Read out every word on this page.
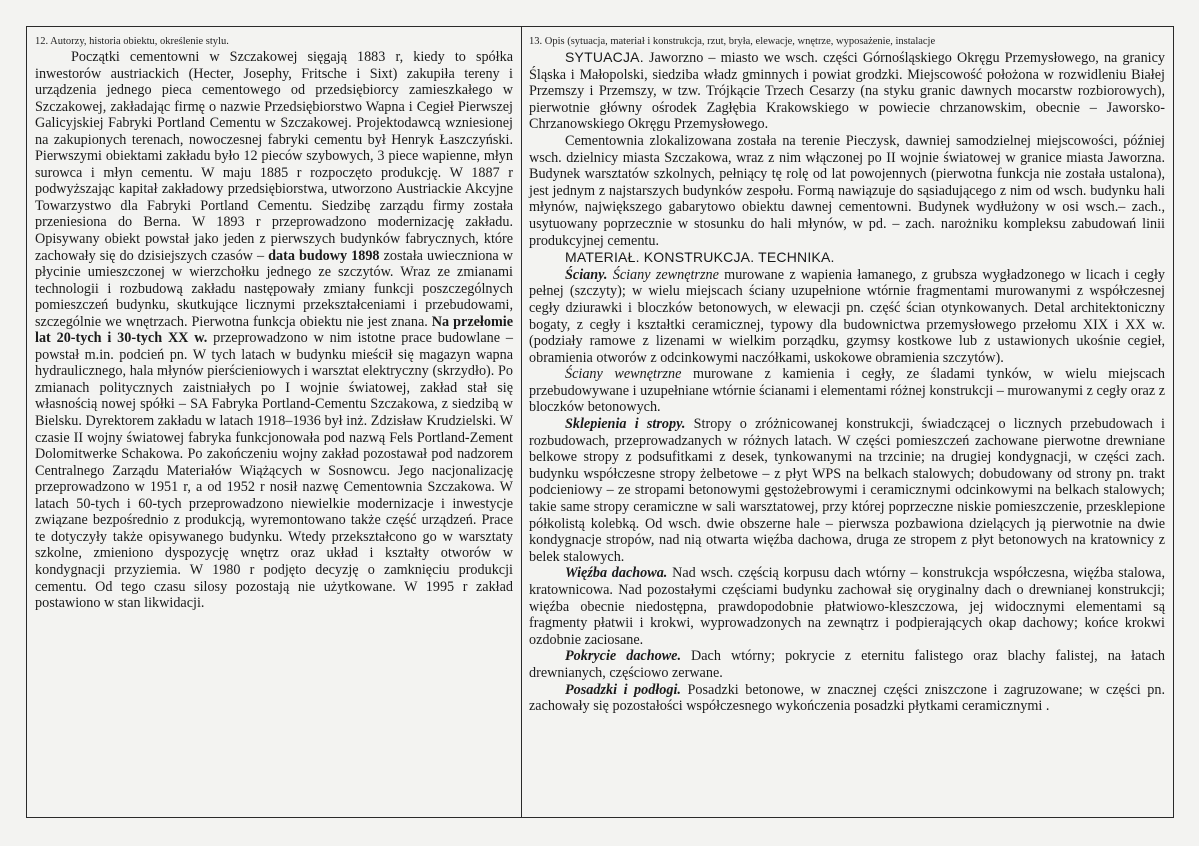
12. Autorzy, historia obiektu, określenie stylu.

Początki cementowni w Szczakowej sięgają 1883 r, kiedy to spółka inwestorów austriackich (Hecter, Josephy, Fritsche i Sixt) zakupiła tereny i urządzenia jednego pieca cementowego od przedsiębiorcy zamieszkałego w Szczakowej, zakładając firmę o nazwie Przedsiębiorstwo Wapna i Cegieł Pierwszej Galicyjskiej Fabryki Portland Cementu w Szczakowej. Projektodawcą wzniesionej na zakupionych terenach, nowoczesnej fabryki cementu był Henryk Łaszczyński. Pierwszymi obiektami zakładu było 12 pieców szybowych, 3 piece wapienne, młyn surowca i młyn cementu. W maju 1885 r rozpoczęto produkcję. W 1887 r podwyższając kapitał zakładowy przedsiębiorstwa, utworzono Austriackie Akcyjne Towarzystwo dla Fabryki Portland Cementu. Siedzibę zarządu firmy została przeniesiona do Berna. W 1893 r przeprowadzono modernizację zakładu. Opisywany obiekt powstał jako jeden z pierwszych budynków fabrycznych, które zachowały się do dzisiejszych czasów – data budowy 1898 została uwieczniona w płycinie umieszczonej w wierzchołku jednego ze szczytów. Wraz ze zmianami technologii i rozbudową zakładu następowały zmiany funkcji poszczególnych pomieszczeń budynku, skutkujące licznymi przekształceniami i przebudowami, szczególnie we wnętrzach. Pierwotna funkcja obiektu nie jest znana. Na przełomie lat 20-tych i 30-tych XX w. przeprowadzono w nim istotne prace budowlane – powstał m.in. podcień pn. W tych latach w budynku mieścił się magazyn wapna hydraulicznego, hala młynów pierścieniowych i warsztat elektryczny (skrzydło). Po zmianach politycznych zaistniałych po I wojnie światowej, zakład stał się własnością nowej spółki – SA Fabryka Portland-Cementu Szczakowa, z siedzibą w Bielsku. Dyrektorem zakładu w latach 1918–1936 był inż. Zdzisław Krudzielski. W czasie II wojny światowej fabryka funkcjonowała pod nazwą Fels Portland-Zement Dolomitwerke Schakowa. Po zakończeniu wojny zakład pozostawał pod nadzorem Centralnego Zarządu Materiałów Wiążących w Sosnowcu. Jego nacjonalizację przeprowadzono w 1951 r, a od 1952 r nosił nazwę Cementownia Szczakowa. W latach 50-tych i 60-tych przeprowadzono niewielkie modernizacje i inwestycje związane bezpośrednio z produkcją, wyremontowano także część urządzeń. Prace te dotyczyły także opisywanego budynku. Wtedy przekształcono go w warsztaty szkolne, zmieniono dyspozycję wnętrz oraz układ i kształty otworów w kondygnacji przyziemia. W 1980 r podjęto decyzję o zamknięciu produkcji cementu. Od tego czasu silosy pozostają nie użytkowane. W 1995 r zakład postawiono w stan likwidacji.

13. Opis (sytuacja, materiał i konstrukcja, rzut, bryła, elewacje, wnętrze, wyposażenie, instalacje

SYTUACJA. Jaworzno – miasto we wsch. części Górnośląskiego Okręgu Przemysłowego, na granicy Śląska i Małopolski, siedziba władz gminnych i powiat grodzki. Miejscowość położona w rozwidleniu Białej Przemszy i Przemszy, w tzw. Trójkącie Trzech Cesarzy (na styku granic dawnych mocarstw rozbiorowych), pierwotnie główny ośrodek Zagłębia Krakowskiego w powiecie chrzanowskim, obecnie – Jaworsko-Chrzanowskiego Okręgu Przemysłowego.

Cementownia zlokalizowana została na terenie Pieczysk, dawniej samodzielnej miejscowości, później wsch. dzielnicy miasta Szczakowa, wraz z nim włączonej po II wojnie światowej w granice miasta Jaworzna. Budynek warsztatów szkolnych, pełniący tę rolę od lat powojennych (pierwotna funkcja nie została ustalona), jest jednym z najstarszych budynków zespołu. Formą nawiązuje do sąsiadującego z nim od wsch. budynku hali młynów, największego gabarytowo obiektu dawnej cementowni. Budynek wydłużony w osi wsch.– zach., usytuowany poprzecznie w stosunku do hali młynów, w pd. – zach. narożniku kompleksu zabudowań linii produkcyjnej cementu.

MATERIAŁ. KONSTRUKCJA. TECHNIKA.

Ściany. Ściany zewnętrzne murowane z wapienia łamanego, z grubsza wygładzonego w licach i cegły pełnej (szczyty); w wielu miejscach ściany uzupełnione wtórnie fragmentami murowanymi z współczesnej cegły dziurawki i bloczków betonowych, w elewacji pn. część ścian otynkowanych. Detal architektoniczny bogaty, z cegły i kształtki ceramicznej, typowy dla budownictwa przemysłowego przełomu XIX i XX w. (podziały ramowe z lizenami w wielkim porządku, gzymsy kostkowe lub z ustawionych ukośnie cegieł, obramienia otworów z odcinkowymi naczółkami, uskokowe obramienia szczytów).

Ściany wewnętrzne murowane z kamienia i cegły, ze śladami tynków, w wielu miejscach przebudowywane i uzupełniane wtórnie ścianami i elementami różnej konstrukcji – murowanymi z cegły oraz z bloczków betonowych.

Sklepienia i stropy. Stropy o zróżnicowanej konstrukcji, świadczącej o licznych przebudowach i rozbudowach, przeprowadzanych w różnych latach. W części pomieszczeń zachowane pierwotne drewniane belkowe stropy z podsufitkami z desek, tynkowanymi na trzcinie; na drugiej kondygnacji, w części zach. budynku współczesne stropy żelbetowe – z płyt WPS na belkach stalowych; dobudowany od strony pn. trakt podcieniowy – ze stropami betonowymi gęstożebrowymi i ceramicznymi odcinkowymi na belkach stalowych; takie same stropy ceramiczne w sali warsztatowej, przy której poprzeczne niskie pomieszczenie, przesklepione półkolistą kolebką. Od wsch. dwie obszerne hale – pierwsza pozbawiona dzielących ją pierwotnie na dwie kondygnacje stropów, nad nią otwarta więźba dachowa, druga ze stropem z płyt betonowych na kratownicy z belek stalowych.

Więźba dachowa. Nad wsch. częścią korpusu dach wtórny – konstrukcja współczesna, więźba stalowa, kratownicowa. Nad pozostałymi częściami budynku zachował się oryginalny dach o drewnianej konstrukcji; więźba obecnie niedostępna, prawdopodobnie płatwiowo-kleszczowa, jej widocznymi elementami są fragmenty płatwii i krokwi, wyprowadzonych na zewnątrz i podpierających okap dachowy; końce krokwi ozdobnie zaciosane.

Pokrycie dachowe. Dach wtórny; pokrycie z eternitu falistego oraz blachy falistej, na łatach drewnianych, częściowo zerwane.

Posadzki i podłogi. Posadzki betonowe, w znacznej części zniszczone i zagruzowane; w części pn. zachowały się pozostałości współczesnego wykończenia posadzki płytkami ceramicznymi .
